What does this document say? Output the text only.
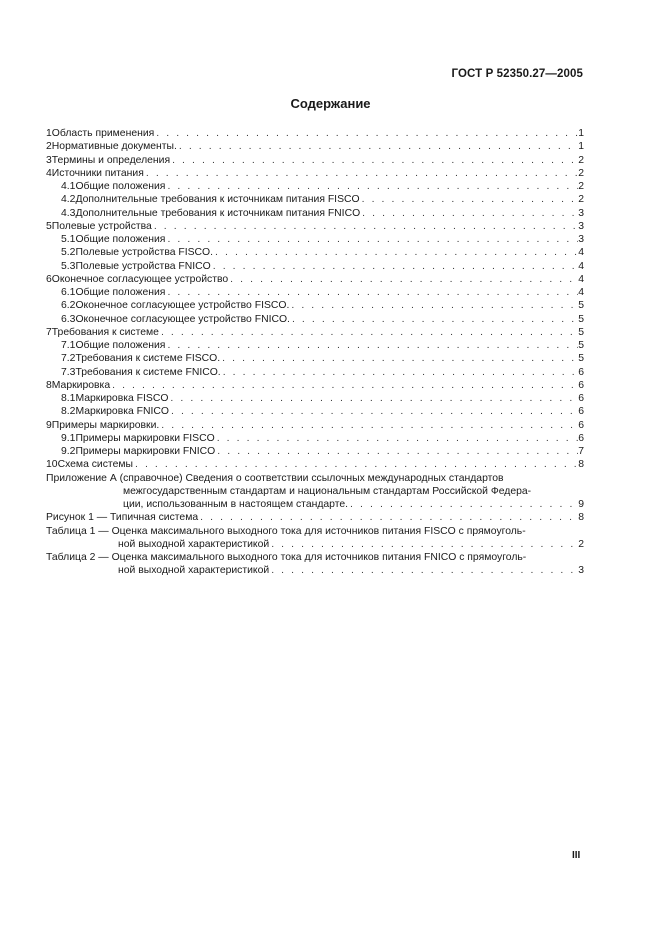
ГОСТ Р 52350.27—2005
Содержание
1 Область применения . . .	1
2 Нормативные документы. . . .	1
3 Термины и определения . . .	2
4 Источники питания . . .	2
4.1 Общие положения . . .	2
4.2 Дополнительные требования к источникам питания FISCO . . .	2
4.3 Дополнительные требования к источникам питания FNICO . . .	3
5 Полевые устройства . . .	3
5.1 Общие положения . . .	3
5.2 Полевые устройства FISCO. . . .	4
5.3 Полевые устройства FNICO . . .	4
6 Оконечное согласующее устройство . . .	4
6.1 Общие положения . . .	4
6.2 Оконечное согласующее устройство FISCO. . . .	5
6.3 Оконечное согласующее устройство FNICO. . . .	5
7 Требования к системе . . .	5
7.1 Общие положения . . .	5
7.2 Требования к системе FISCO. . . .	5
7.3 Требования к системе FNICO. . . .	6
8 Маркировка . . .	6
8.1 Маркировка FISCO . . .	6
8.2 Маркировка FNICO . . .	6
9 Примеры маркировки. . . .	6
9.1 Примеры маркировки FISCO . . .	6
9.2 Примеры маркировки FNICO . . .	7
10 Схема системы . . .	8
Приложение А (справочное) Сведения о соответствии ссылочных международных стандартов
межгосударственным стандартам и национальным стандартам Российской Федера-
ции, использованным в настоящем стандарте. . . .	9
Рисунок 1 — Типичная система . . .	8
Таблица 1 — Оценка максимального выходного тока для источников питания FISCO с прямоуголь-
ной выходной характеристикой . . .	2
Таблица 2 — Оценка максимального выходного тока для источников питания FNICO с прямоуголь-
ной выходной характеристикой . . .	3
III
